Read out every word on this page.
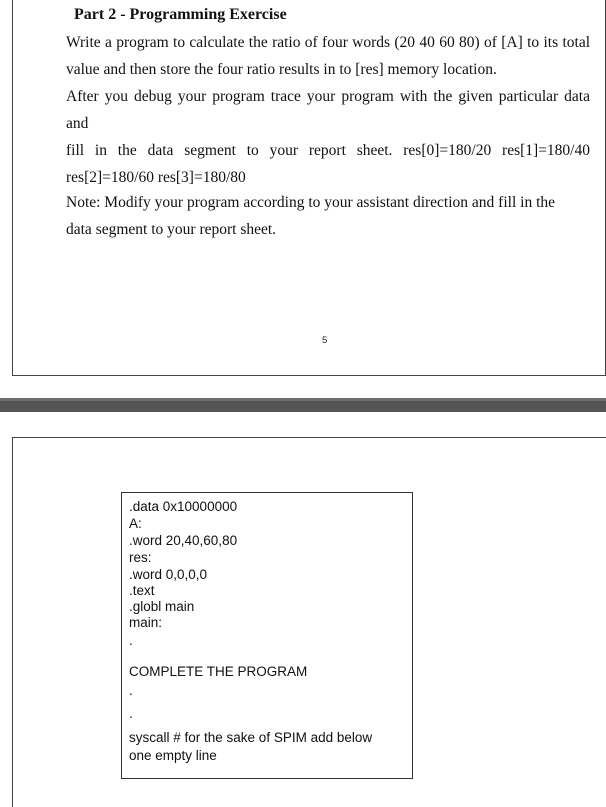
Part 2 - Programming Exercise
Write a program to calculate the ratio of four words (20 40 60 80) of [A] to its total
value and then store the four ratio results in to [res] memory location.
After you debug your program trace your program with the given particular data and
fill in the data segment to your report sheet. res[0]=180/20 res[1]=180/40
res[2]=180/60 res[3]=180/80
Note: Modify your program according to your assistant direction and fill in the
data segment to your report sheet.
5
.data 0x10000000
A:
.word 20,40,60,80
res:
.word 0,0,0,0
.text
.globl main
main:
.
COMPLETE THE PROGRAM
.
.
syscall # for the sake of SPIM add below
one empty line
